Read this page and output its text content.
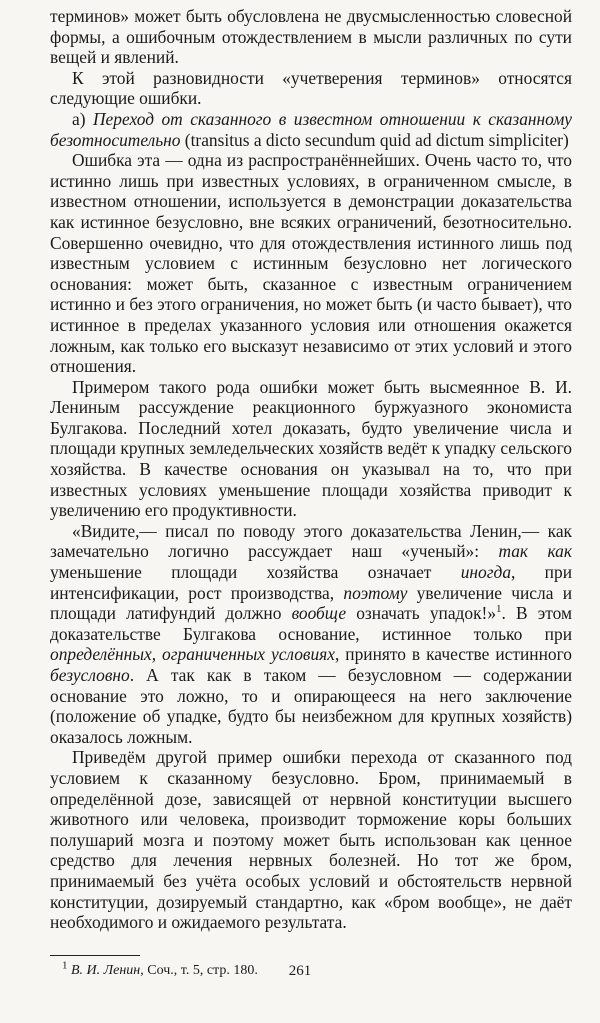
терминов» может быть обусловлена не двусмысленностью словесной формы, а ошибочным отождествлением в мысли различных по сути вещей и явлений.

К этой разновидности «учетверения терминов» относятся следующие ошибки.

а) Переход от сказанного в известном отношении к сказанному безотносительно (transitus a dicto secundum quid ad dictum simpliciter)

Ошибка эта — одна из распространённейших. Очень часто то, что истинно лишь при известных условиях, в ограниченном смысле, в известном отношении, используется в демонстрации доказательства как истинное безусловно, вне всяких ограничений, безотносительно. Совершенно очевидно, что для отождествления истинного лишь под известным условием с истинным безусловно нет логического основания: может быть, сказанное с известным ограничением истинно и без этого ограничения, но может быть (и часто бывает), что истинное в пределах указанного условия или отношения окажется ложным, как только его высказут независимо от этих условий и этого отношения.

Примером такого рода ошибки может быть высмеянное В. И. Лениным рассуждение реакционного буржуазного экономиста Булгакова. Последний хотел доказать, будто увеличение числа и площади крупных земледельческих хозяйств ведёт к упадку сельского хозяйства. В качестве основания он указывал на то, что при известных условиях уменьшение площади хозяйства приводит к увеличению его продуктивности.

«Видите,— писал по поводу этого доказательства Ленин,— как замечательно логично рассуждает наш «ученый»: так как уменьшение площади хозяйства означает иногда, при интенсификации, рост производства, поэтому увеличение числа и площади латифундий должно вообще означать упадок!»$^1$. В этом доказательстве Булгакова основание, истинное только при определённых, ограниченных условиях, принято в качестве истинного безусловно. А так как в таком — безусловном — содержании основание это ложно, то и опирающееся на него заключение (положение об упадке, будто бы неизбежном для крупных хозяйств) оказалось ложным.

Приведём другой пример ошибки перехода от сказанного под условием к сказанному безусловно. Бром, принимаемый в определённой дозе, зависящей от нервной конституции высшего животного или человека, производит торможение коры больших полушарий мозга и поэтому может быть использован как ценное средство для лечения нервных болезней. Но тот же бром, принимаемый без учёта особых условий и обстоятельств нервной конституции, дозируемый стандартно, как «бром вообще», не даёт необходимого и ожидаемого результата.

$^1$ В. И. Ленин, Соч., т. 5, стр. 180.	261
